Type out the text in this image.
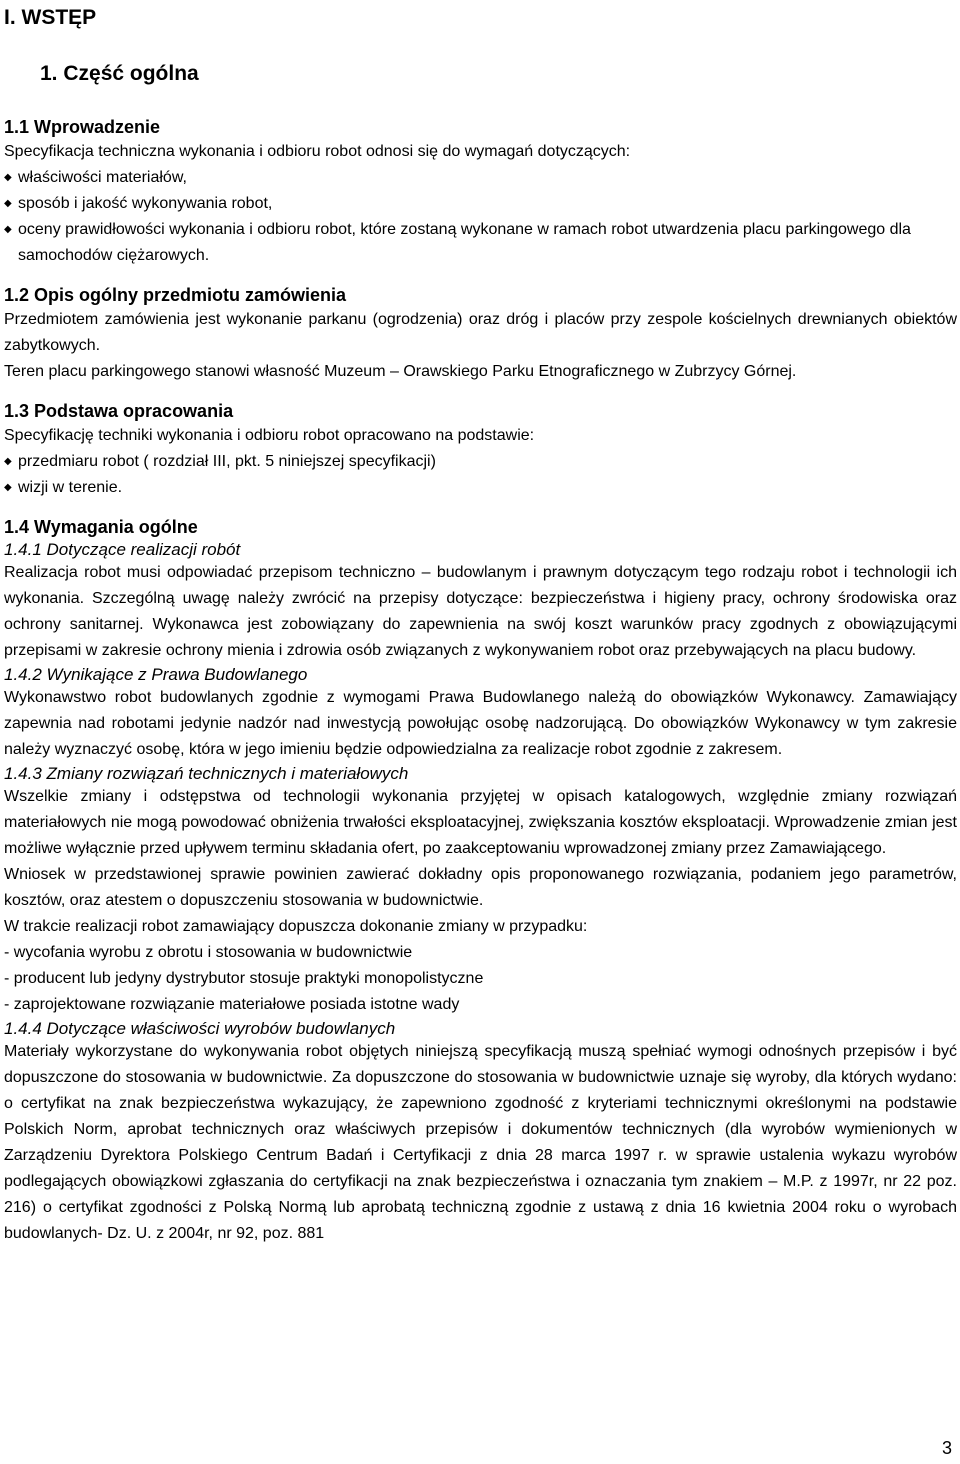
I. WSTĘP
1. Część ogólna
1.1 Wprowadzenie

Specyfikacja techniczna wykonania i odbioru robot odnosi się do wymagań dotyczących:

◆ właściwości materiałów,
◆ sposób i jakość wykonywania robot,
◆ oceny prawidłowości wykonania i odbioru robot, które zostaną wykonane w ramach robot utwardzenia placu parkingowego dla samochodów ciężarowych.
1.2 Opis ogólny przedmiotu zamówienia

Przedmiotem zamówienia jest wykonanie parkanu (ogrodzenia) oraz dróg i placów przy zespole kościelnych drewnianych obiektów zabytkowych.

Teren placu parkingowego stanowi własność Muzeum – Orawskiego Parku Etnograficznego w Zubrzycy Górnej.

1.3 Podstawa opracowania

Specyfikację techniki wykonania i odbioru robot opracowano na podstawie:

◆ przedmiaru robot ( rozdział III, pkt. 5 niniejszej specyfikacji)
◆ wizji w terenie.
1.4 Wymagania ogólne
1.4.1 Dotyczące realizacji robót

Realizacja robot musi odpowiadać przepisom techniczno – budowlanym i prawnym dotyczącym tego rodzaju robot i technologii ich wykonania. Szczególną uwagę należy zwrócić na przepisy dotyczące: bezpieczeństwa i higieny pracy, ochrony środowiska oraz ochrony sanitarnej. Wykonawca jest zobowiązany do zapewnienia na swój koszt warunków pracy zgodnych z obowiązującymi przepisami w zakresie ochrony mienia i zdrowia osób związanych z wykonywaniem robot oraz przebywających na placu budowy.

1.4.2 Wynikające z Prawa Budowlanego

Wykonawstwo robot budowlanych zgodnie z wymogami Prawa Budowlanego należą do obowiązków Wykonawcy. Zamawiający zapewnia nad robotami jedynie nadzór nad inwestycją powołując osobę nadzorującą. Do obowiązków Wykonawcy w tym zakresie należy wyznaczyć osobę, która w jego imieniu będzie odpowiedzialna za realizacje robot zgodnie z zakresem.

1.4.3 Zmiany rozwiązań technicznych i materiałowych

Wszelkie zmiany i odstępstwa od technologii wykonania przyjętej w opisach katalogowych, względnie zmiany rozwiązań materiałowych nie mogą powodować obniżenia trwałości eksploatacyjnej, zwiększania kosztów eksploatacji. Wprowadzenie zmian jest możliwe wyłącznie przed upływem terminu składania ofert, po zaakceptowaniu wprowadzonej zmiany przez Zamawiającego.

Wniosek w przedstawionej sprawie powinien zawierać dokładny opis proponowanego rozwiązania, podaniem jego parametrów, kosztów, oraz atestem o dopuszczeniu stosowania w budownictwie.

W trakcie realizacji robot zamawiający dopuszcza dokonanie zmiany w przypadku:

- wycofania wyrobu z obrotu i stosowania w budownictwie

- producent lub jedyny dystrybutor stosuje praktyki monopolistyczne

- zaprojektowane rozwiązanie materiałowe posiada istotne wady

1.4.4 Dotyczące właściwości wyrobów budowlanych

Materiały wykorzystane do wykonywania robot objętych niniejszą specyfikacją muszą spełniać wymogi odnośnych przepisów i być dopuszczone do stosowania w budownictwie. Za dopuszczone do stosowania w budownictwie uznaje się wyroby, dla których wydano: o certyfikat na znak bezpieczeństwa wykazujący, że zapewniono zgodność z kryteriami technicznymi określonymi na podstawie Polskich Norm, aprobat technicznych oraz właściwych przepisów i dokumentów technicznych (dla wyrobów wymienionych w Zarządzeniu Dyrektora Polskiego Centrum Badań i Certyfikacji z dnia 28 marca 1997 r. w sprawie ustalenia wykazu wyrobów podlegających obowiązkowi zgłaszania do certyfikacji na znak bezpieczeństwa i oznaczania tym znakiem – M.P. z 1997r, nr 22 poz. 216) o certyfikat zgodności z Polską Normą lub aprobatą techniczną zgodnie z ustawą z dnia 16 kwietnia 2004 roku o wyrobach budowlanych- Dz. U. z 2004r, nr 92, poz. 881

3
